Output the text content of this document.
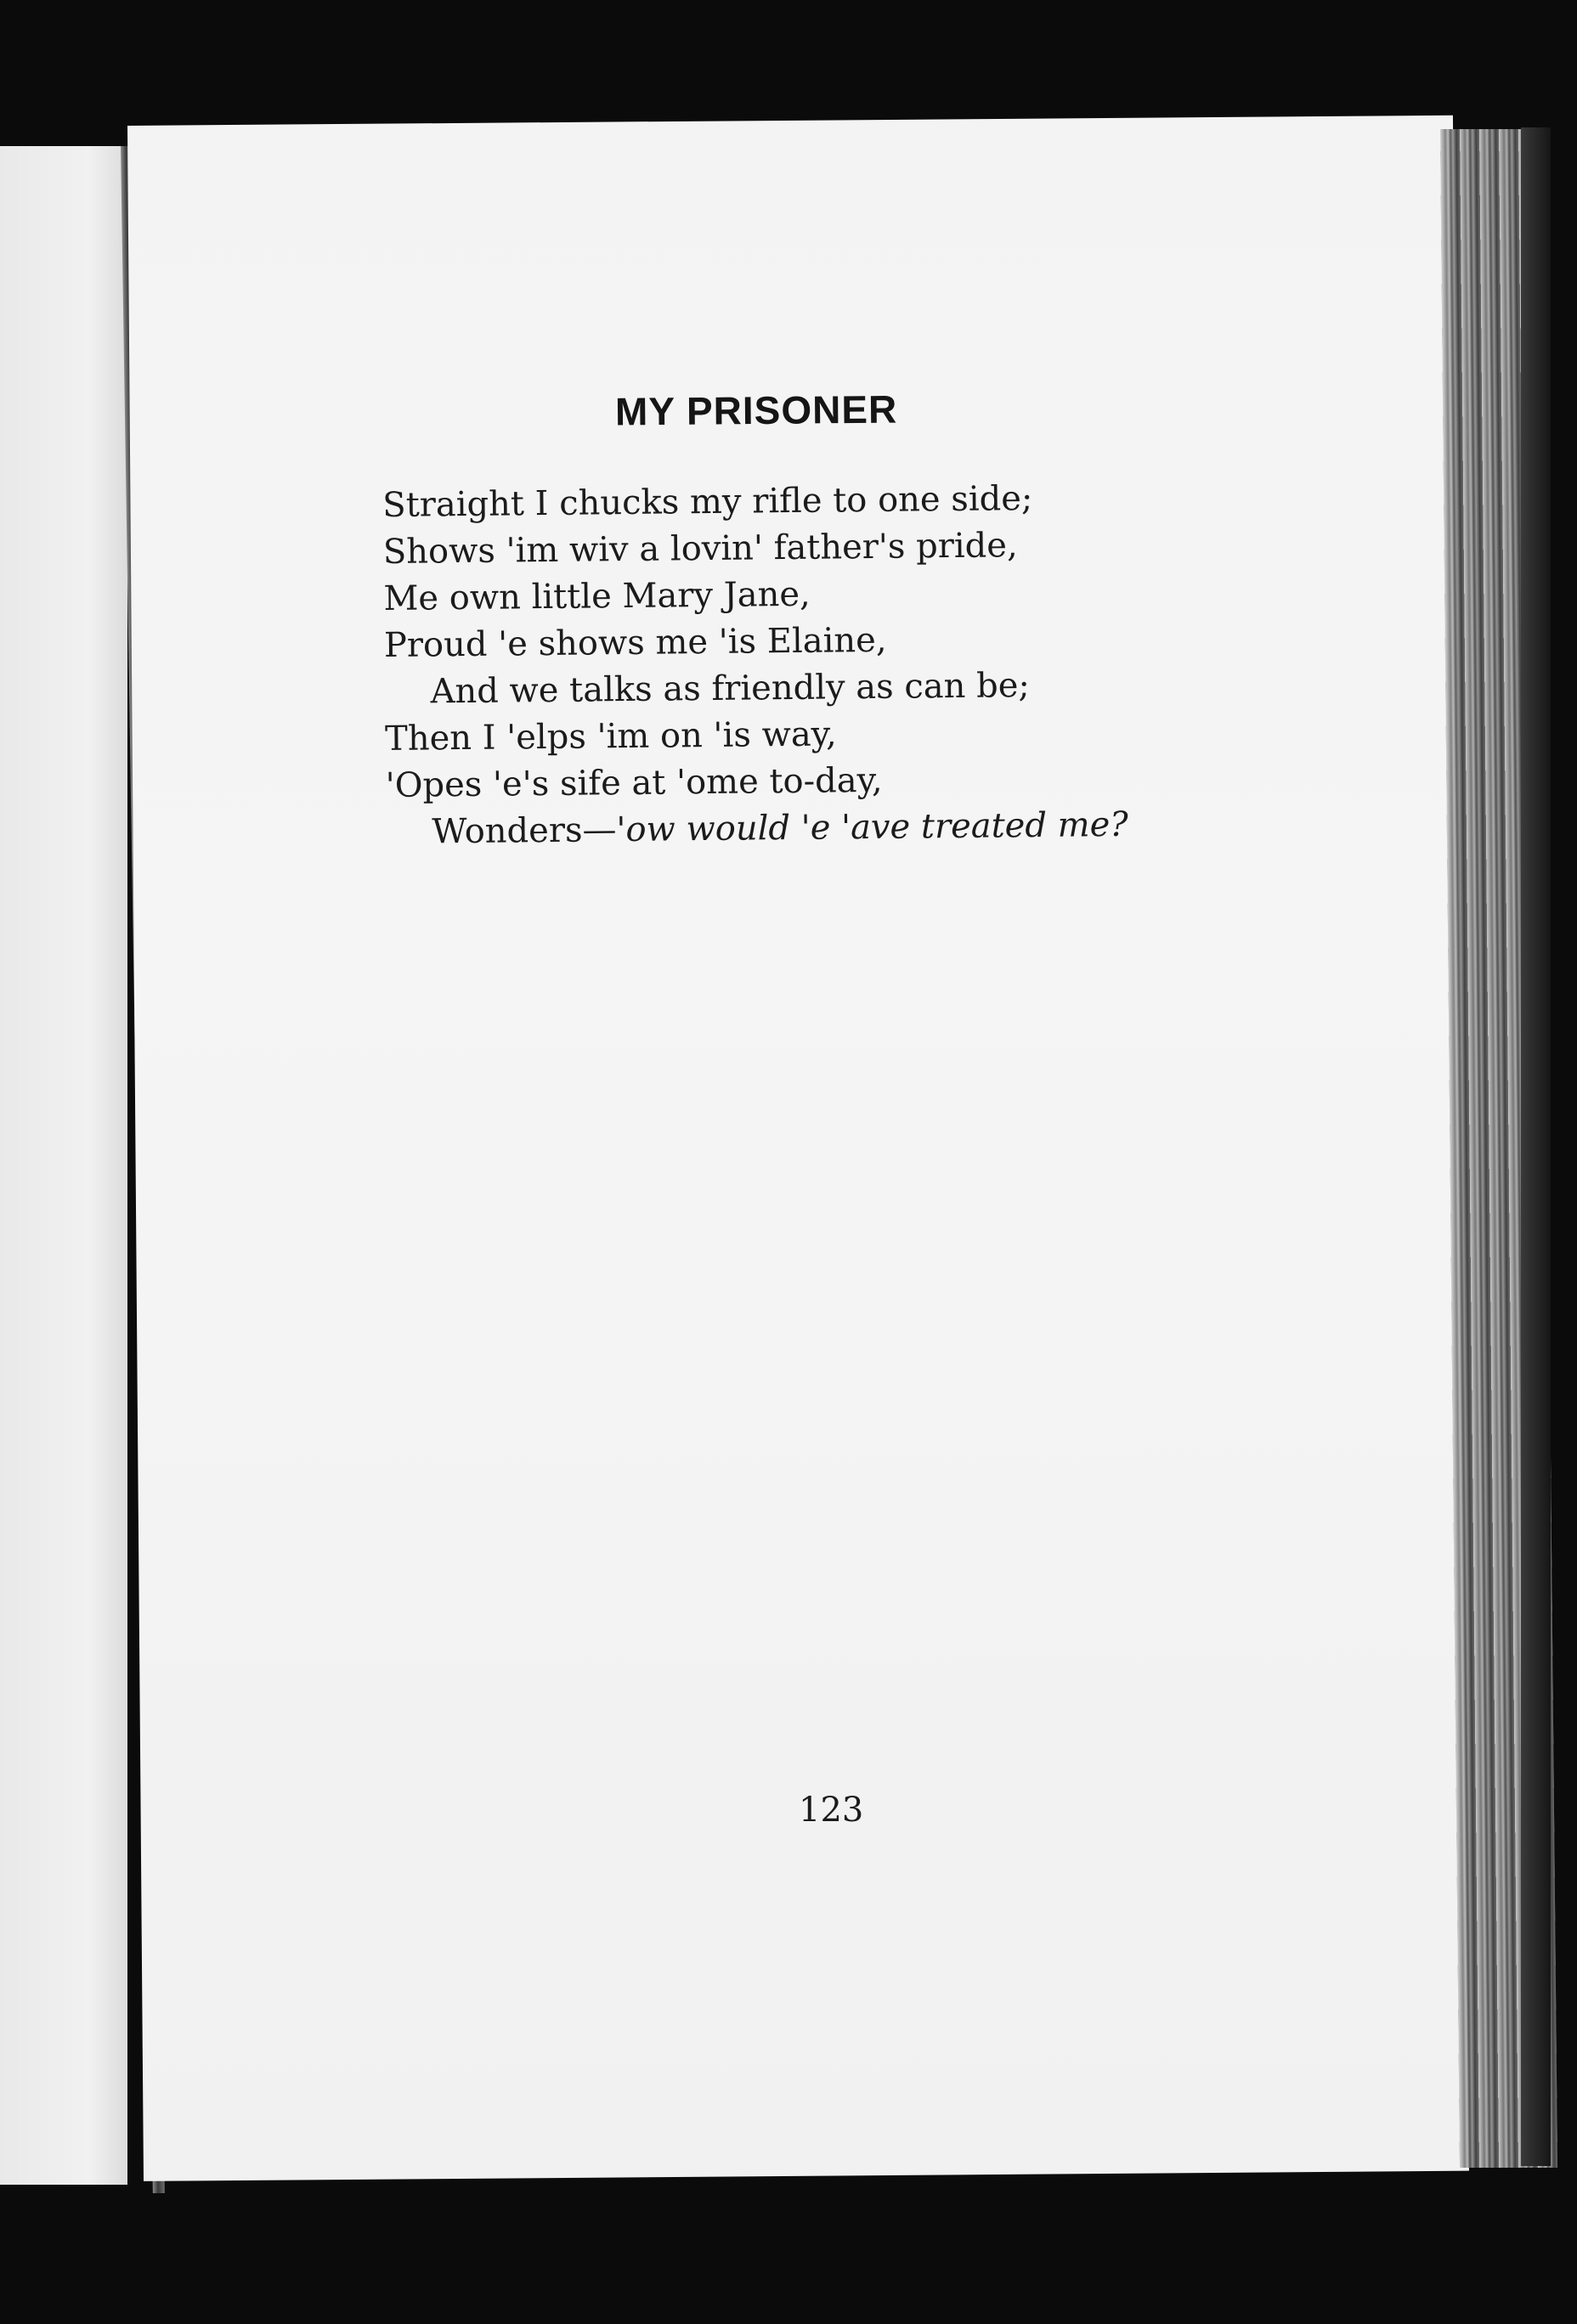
MY PRISONER
Straight I chucks my rifle to one side;
Shows 'im wiv a lovin' father's pride,
Me own little Mary Jane,
Proud 'e shows me 'is Elaine,
And we talks as friendly as can be;
Then I 'elps 'im on 'is way,
'Opes 'e's sife at 'ome to-day,
Wonders—'ow would 'e 'ave treated me?
123
